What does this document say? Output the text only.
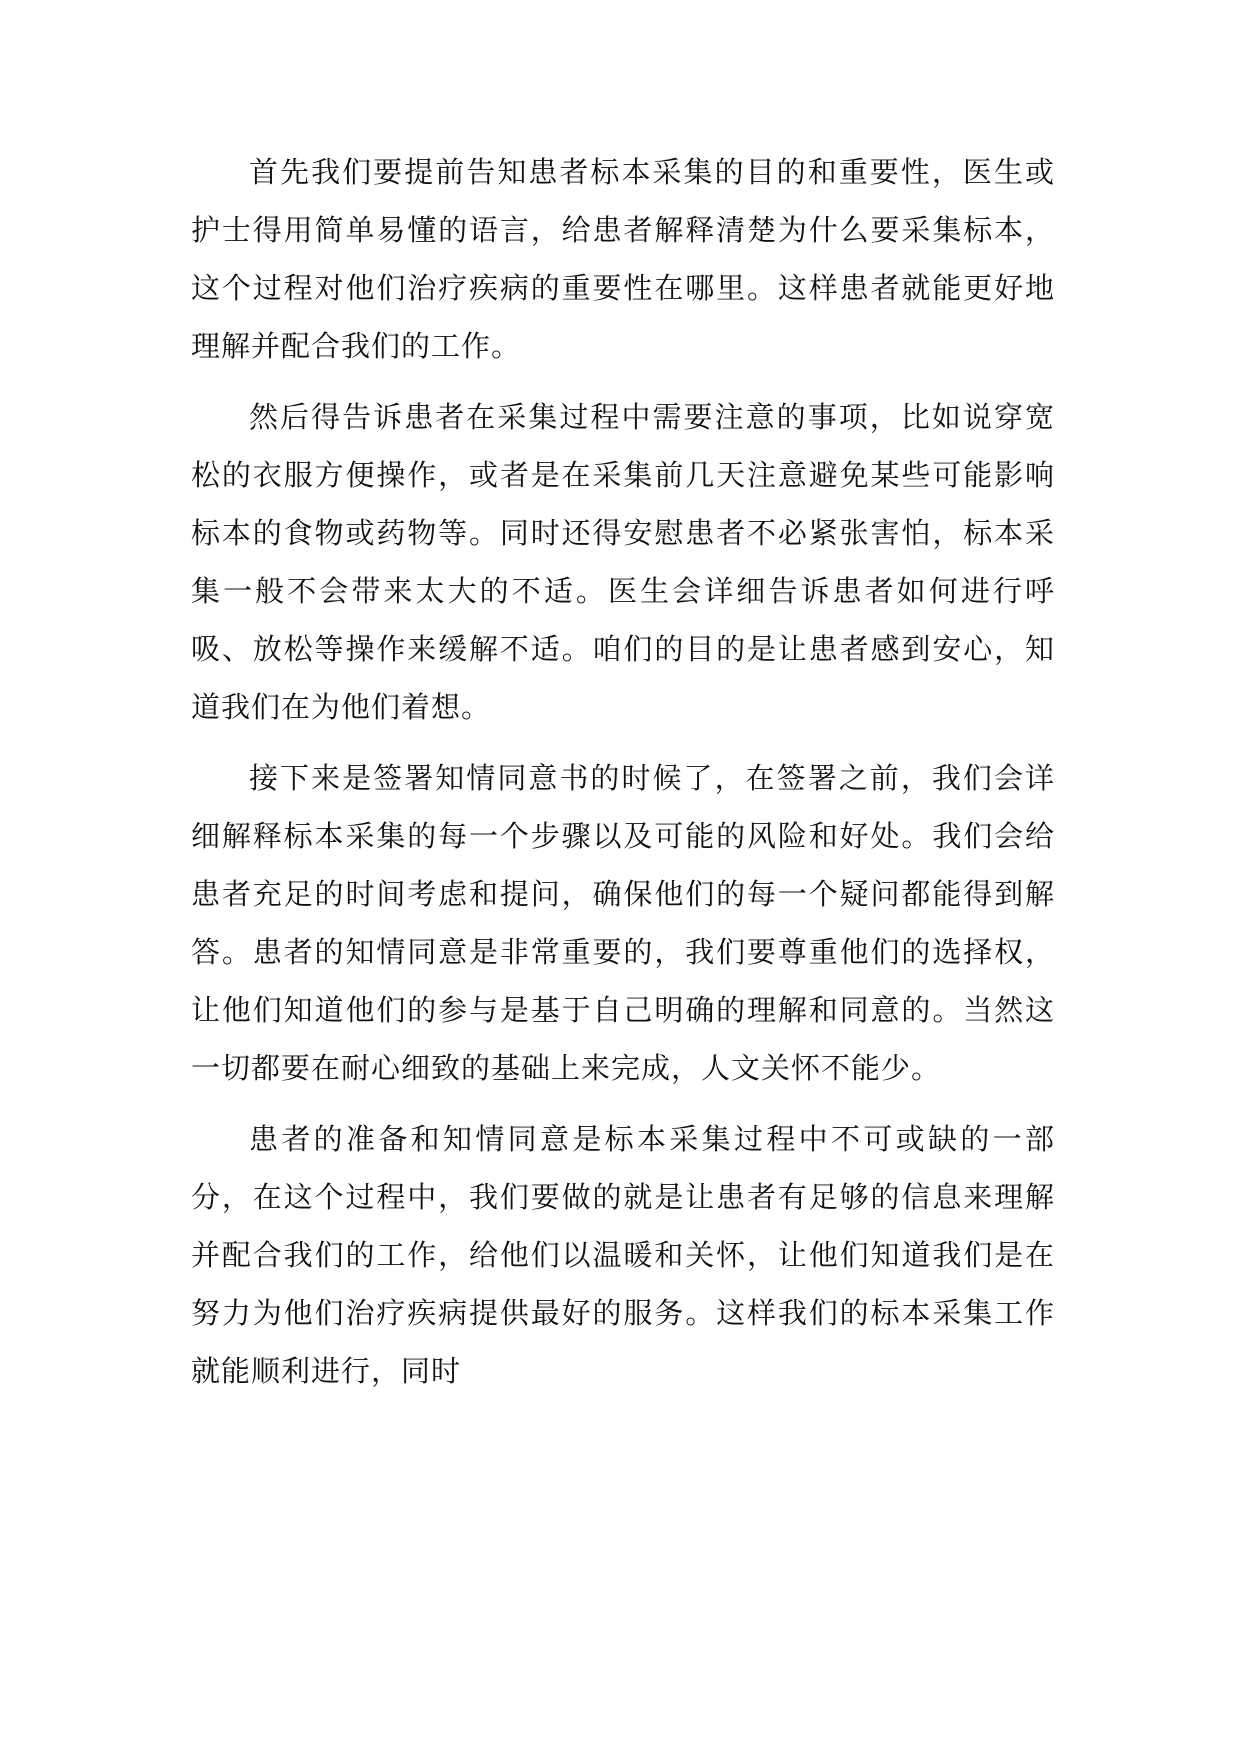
首先我们要提前告知患者标本采集的目的和重要性，医生或护士得用简单易懂的语言，给患者解释清楚为什么要采集标本，这个过程对他们治疗疾病的重要性在哪里。这样患者就能更好地理解并配合我们的工作。

然后得告诉患者在采集过程中需要注意的事项，比如说穿宽松的衣服方便操作，或者是在采集前几天注意避免某些可能影响标本的食物或药物等。同时还得安慰患者不必紧张害怕，标本采集一般不会带来太大的不适。医生会详细告诉患者如何进行呼吸、放松等操作来缓解不适。咱们的目的是让患者感到安心，知道我们在为他们着想。

接下来是签署知情同意书的时候了，在签署之前，我们会详细解释标本采集的每一个步骤以及可能的风险和好处。我们会给患者充足的时间考虑和提问，确保他们的每一个疑问都能得到解答。患者的知情同意是非常重要的，我们要尊重他们的选择权，让他们知道他们的参与是基于自己明确的理解和同意的。当然这一切都要在耐心细致的基础上来完成，人文关怀不能少。

患者的准备和知情同意是标本采集过程中不可或缺的一部分，在这个过程中，我们要做的就是让患者有足够的信息来理解并配合我们的工作，给他们以温暖和关怀，让他们知道我们是在努力为他们治疗疾病提供最好的服务。这样我们的标本采集工作就能顺利进行，同时
